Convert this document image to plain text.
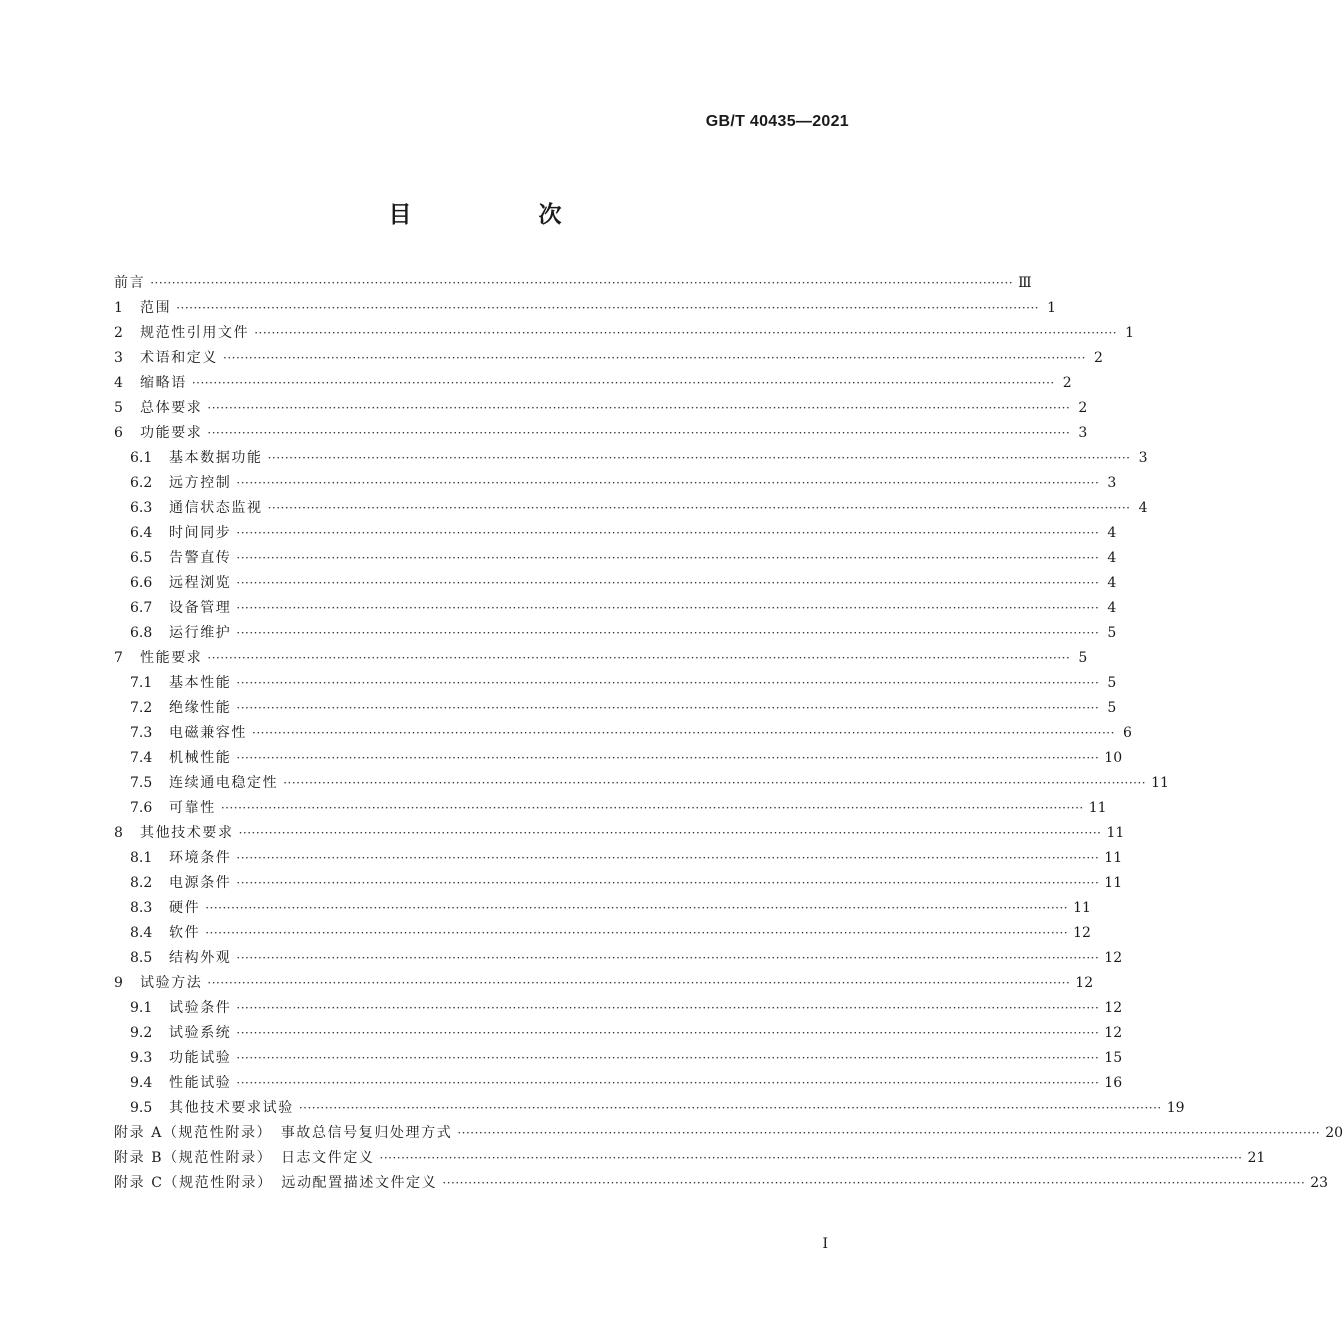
GB/T 40435—2021
目　次
前言 ········································································································································································································ Ⅲ
1	范围 ········································································································································································································ 1
2	规范性引用文件 ········································································································································································································ 1
3	术语和定义 ········································································································································································································ 2
4	缩略语 ········································································································································································································ 2
5	总体要求 ········································································································································································································ 2
6	功能要求 ········································································································································································································ 3
6.1	基本数据功能 ········································································································································································································ 3
6.2	远方控制 ········································································································································································································ 3
6.3	通信状态监视 ········································································································································································································ 4
6.4	时间同步 ········································································································································································································ 4
6.5	告警直传 ········································································································································································································ 4
6.6	远程浏览 ········································································································································································································ 4
6.7	设备管理 ········································································································································································································ 4
6.8	运行维护 ········································································································································································································ 5
7	性能要求 ········································································································································································································ 5
7.1	基本性能 ········································································································································································································ 5
7.2	绝缘性能 ········································································································································································································ 5
7.3	电磁兼容性 ········································································································································································································ 6
7.4	机械性能 ········································································································································································································ 10
7.5	连续通电稳定性 ········································································································································································································ 11
7.6	可靠性 ········································································································································································································ 11
8	其他技术要求 ········································································································································································································ 11
8.1	环境条件 ········································································································································································································ 11
8.2	电源条件 ········································································································································································································ 11
8.3	硬件 ········································································································································································································ 11
8.4	软件 ········································································································································································································ 12
8.5	结构外观 ········································································································································································································ 12
9	试验方法 ········································································································································································································ 12
9.1	试验条件 ········································································································································································································ 12
9.2	试验系统 ········································································································································································································ 12
9.3	功能试验 ········································································································································································································ 15
9.4	性能试验 ········································································································································································································ 16
9.5	其他技术要求试验 ········································································································································································································ 19
附录 A（规范性附录）　事故总信号复归处理方式 ········································································································································································································ 20
附录 B（规范性附录）　日志文件定义 ········································································································································································································ 21
附录 C（规范性附录）　远动配置描述文件定义 ········································································································································································································ 23
I
